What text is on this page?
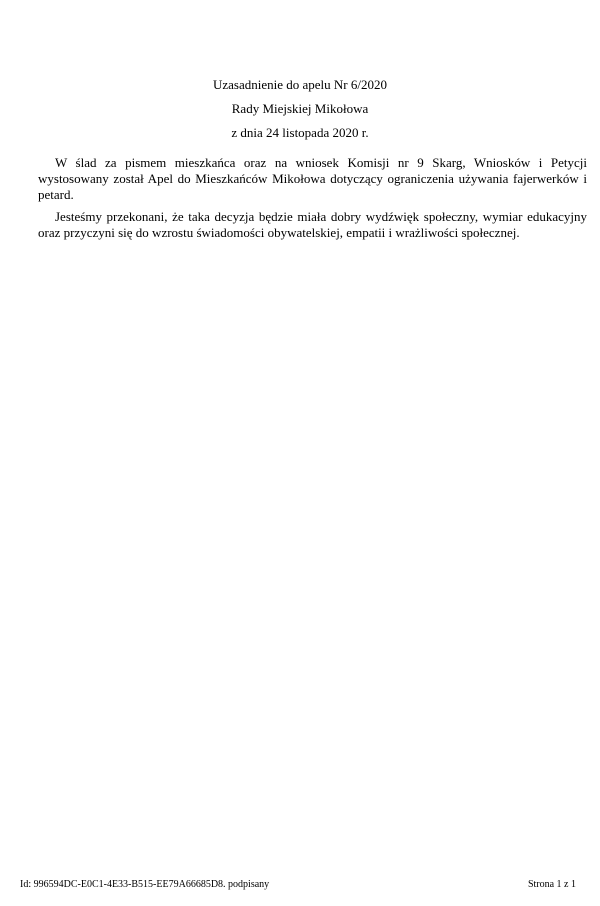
Uzasadnienie do apelu Nr 6/2020
Rady Miejskiej Mikołowa
z dnia 24 listopada 2020 r.

W ślad za pismem mieszkańca oraz na wniosek Komisji nr 9 Skarg, Wniosków i Petycji wystosowany został Apel do Mieszkańców Mikołowa dotyczący ograniczenia używania fajerwerków i petard.

Jesteśmy przekonani, że taka decyzja będzie miała dobry wydźwięk społeczny, wymiar edukacyjny oraz przyczyni się do wzrostu świadomości obywatelskiej, empatii i wrażliwości społecznej.

Id: 996594DC-E0C1-4E33-B515-EE79A66685D8. podpisany	Strona 1 z 1
